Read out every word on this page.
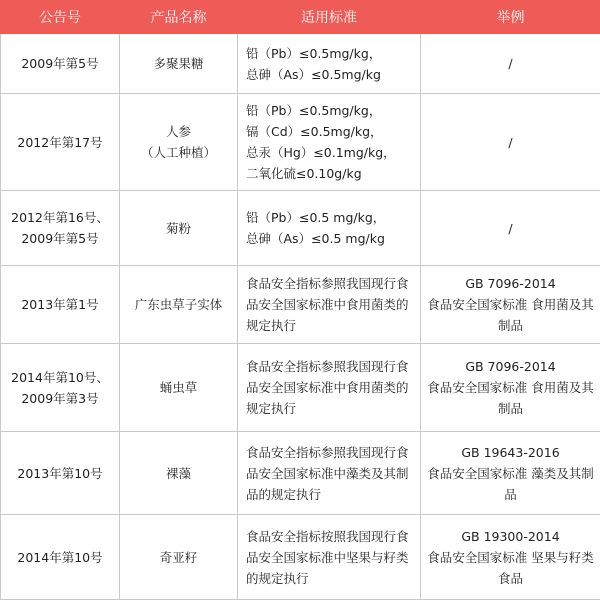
公告号	产品名称	适用标准	举例

2009年第5号	多聚果糖	铅（Pb）≤0.5mg/kg，
总砷（As）≤0.5mg/kg	/

2012年第17号	人参
（人工种植）	铅（Pb）≤0.5mg/kg，
镉（Cd）≤0.5mg/kg，
总汞（Hg）≤0.1mg/kg，
二氧化硫≤0.10g/kg	/

2012年第16号、
2009年第5号	菊粉	铅（Pb）≤0.5 mg/kg，
总砷（As）≤0.5 mg/kg	/

2013年第1号	广东虫草子实体	食品安全指标参照我国现行食品安全国家标准中食用菌类的规定执行	GB 7096-2014
食品安全国家标准 食用菌及其制品

2014年第10号、
2009年第3号	蛹虫草	食品安全指标参照我国现行食品安全国家标准中食用菌类的规定执行	GB 7096-2014
食品安全国家标准 食用菌及其制品

2013年第10号	裸藻	食品安全指标参照我国现行食品安全国家标准中藻类及其制品的规定执行	GB 19643-2016
食品安全国家标准 藻类及其制品

2014年第10号	奇亚籽	食品安全指标按照我国现行食品安全国家标准中坚果与籽类的规定执行	GB 19300-2014
食品安全国家标准 坚果与籽类食品
